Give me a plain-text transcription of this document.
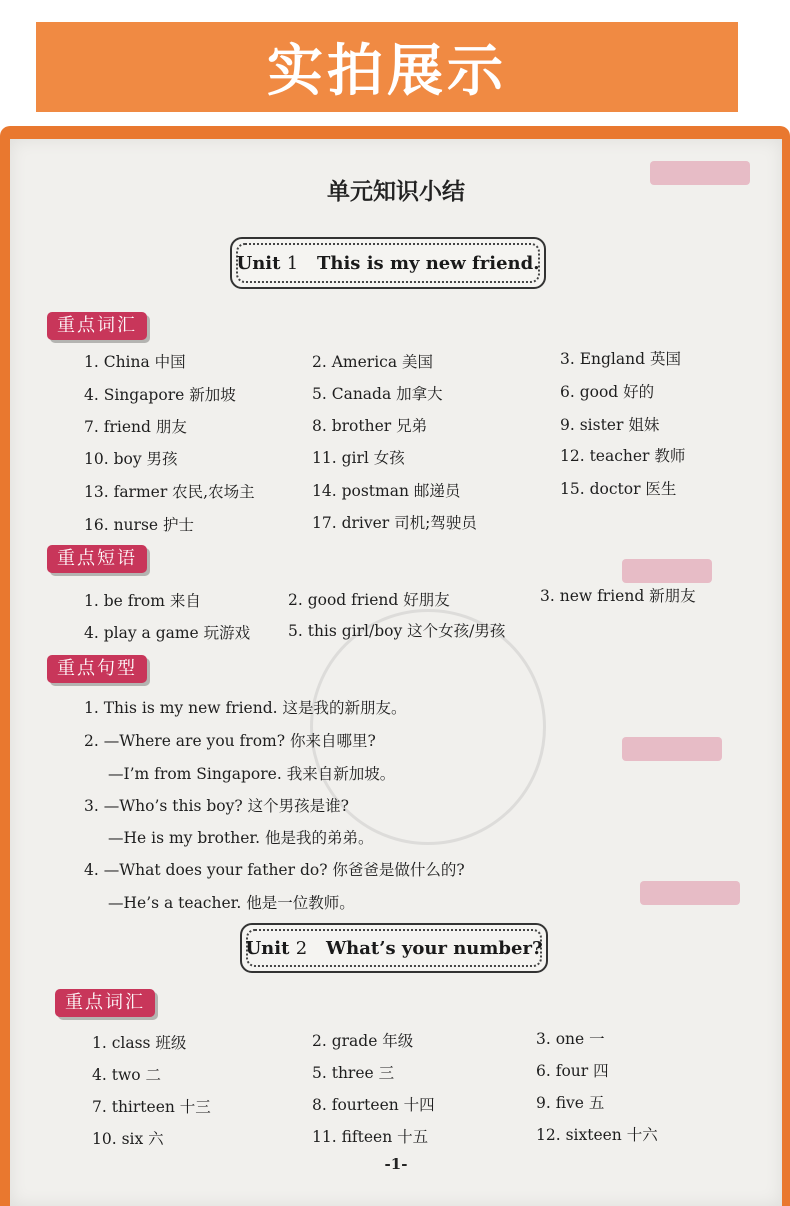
实拍展示
单元知识小结
Unit 1 This is my new friend.
重点词汇
1. China 中国	2. America 美国	3. England 英国
4. Singapore 新加坡	5. Canada 加拿大	6. good 好的
7. friend 朋友	8. brother 兄弟	9. sister 姐妹
10. boy 男孩	11. girl 女孩	12. teacher 教师
13. farmer 农民,农场主	14. postman 邮递员	15. doctor 医生
16. nurse 护士	17. driver 司机;驾驶员
重点短语
1. be from 来自	2. good friend 好朋友	3. new friend 新朋友
4. play a game 玩游戏 5. this girl/boy 这个女孩/男孩
重点句型
1. This is my new friend. 这是我的新朋友。
2. —Where are you from? 你来自哪里?
—I’m from Singapore. 我来自新加坡。
3. —Who’s this boy? 这个男孩是谁?
—He is my brother. 他是我的弟弟。
4. —What does your father do? 你爸爸是做什么的?
—He’s a teacher. 他是一位教师。
Unit 2 What’s your number?
重点词汇
1. class 班级	2. grade 年级	3. one 一
4. two 二	5. three 三	6. four 四
7. thirteen 十三	8. fourteen 十四	9. five 五
10. six 六	11. fifteen 十五	12. sixteen 十六
-1-
